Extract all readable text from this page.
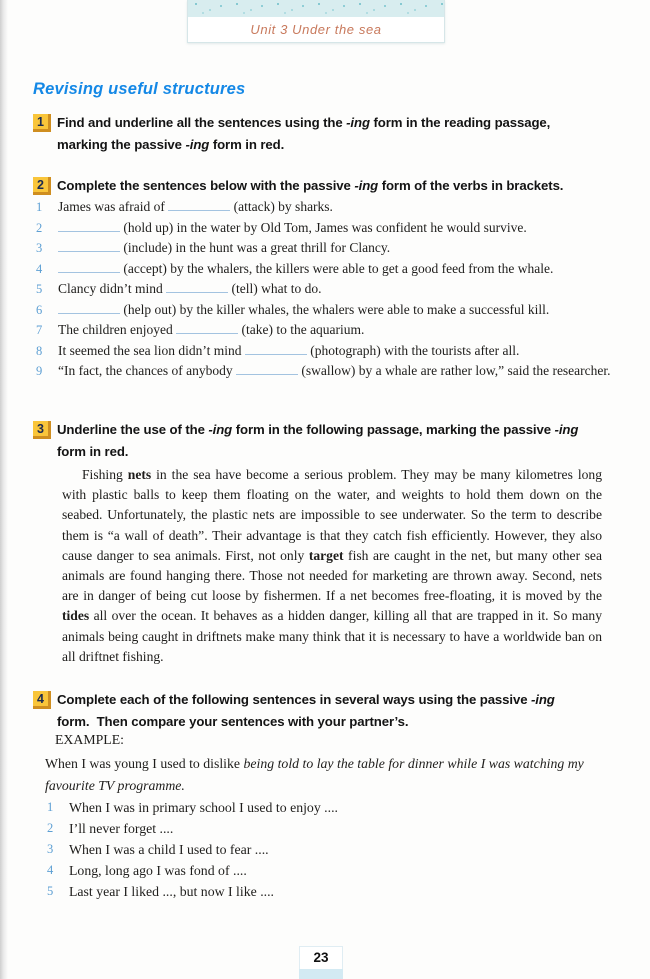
Unit 3 Under the sea
Revising useful structures
1 Find and underline all the sentences using the -ing form in the reading passage,
marking the passive -ing form in red.
2 Complete the sentences below with the passive -ing form of the verbs in brackets.
1	James was afraid of	(attack) by sharks.
2	(hold up) in the water by Old Tom, James was confident he would survive.
3	(include) in the hunt was a great thrill for Clancy.
4	(accept) by the whalers, the killers were able to get a good feed from the whale.
5	Clancy didn’t mind	(tell) what to do.
6	(help out) by the killer whales, the whalers were able to make a successful kill.
7	The children enjoyed	(take) to the aquarium.
8	It seemed the sea lion didn’t mind	(photograph) with the tourists after all.
9	“In fact, the chances of anybody	(swallow) by a whale are rather low,” said the researcher.
3 Underline the use of the -ing form in the following passage, marking the passive -ing
form in red.
Fishing nets in the sea have become a serious problem. They may be many kilometres long with plastic balls to keep them floating on the water, and weights to hold them down on the seabed. Unfortunately, the plastic nets are impossible to see underwater. So the term to describe them is “a wall of death”. Their advantage is that they catch fish efficiently. However, they also cause danger to sea animals. First, not only target fish are caught in the net, but many other sea animals are found hanging there. Those not needed for marketing are thrown away. Second, nets are in danger of being cut loose by fishermen. If a net becomes free-floating, it is moved by the tides all over the ocean. It behaves as a hidden danger, killing all that are trapped in it. So many animals being caught in driftnets make many think that it is necessary to have a worldwide ban on all driftnet fishing.
4 Complete each of the following sentences in several ways using the passive -ing
form.  Then compare your sentences with your partner’s.
EXAMPLE:
When I was young I used to dislike being told to lay the table for dinner while I was watching my favourite TV programme.
1	When I was in primary school I used to enjoy ....
2	I’ll never forget ....
3	When I was a child I used to fear ....
4	Long, long ago I was fond of ....
5	Last year I liked ..., but now I like ....
23
